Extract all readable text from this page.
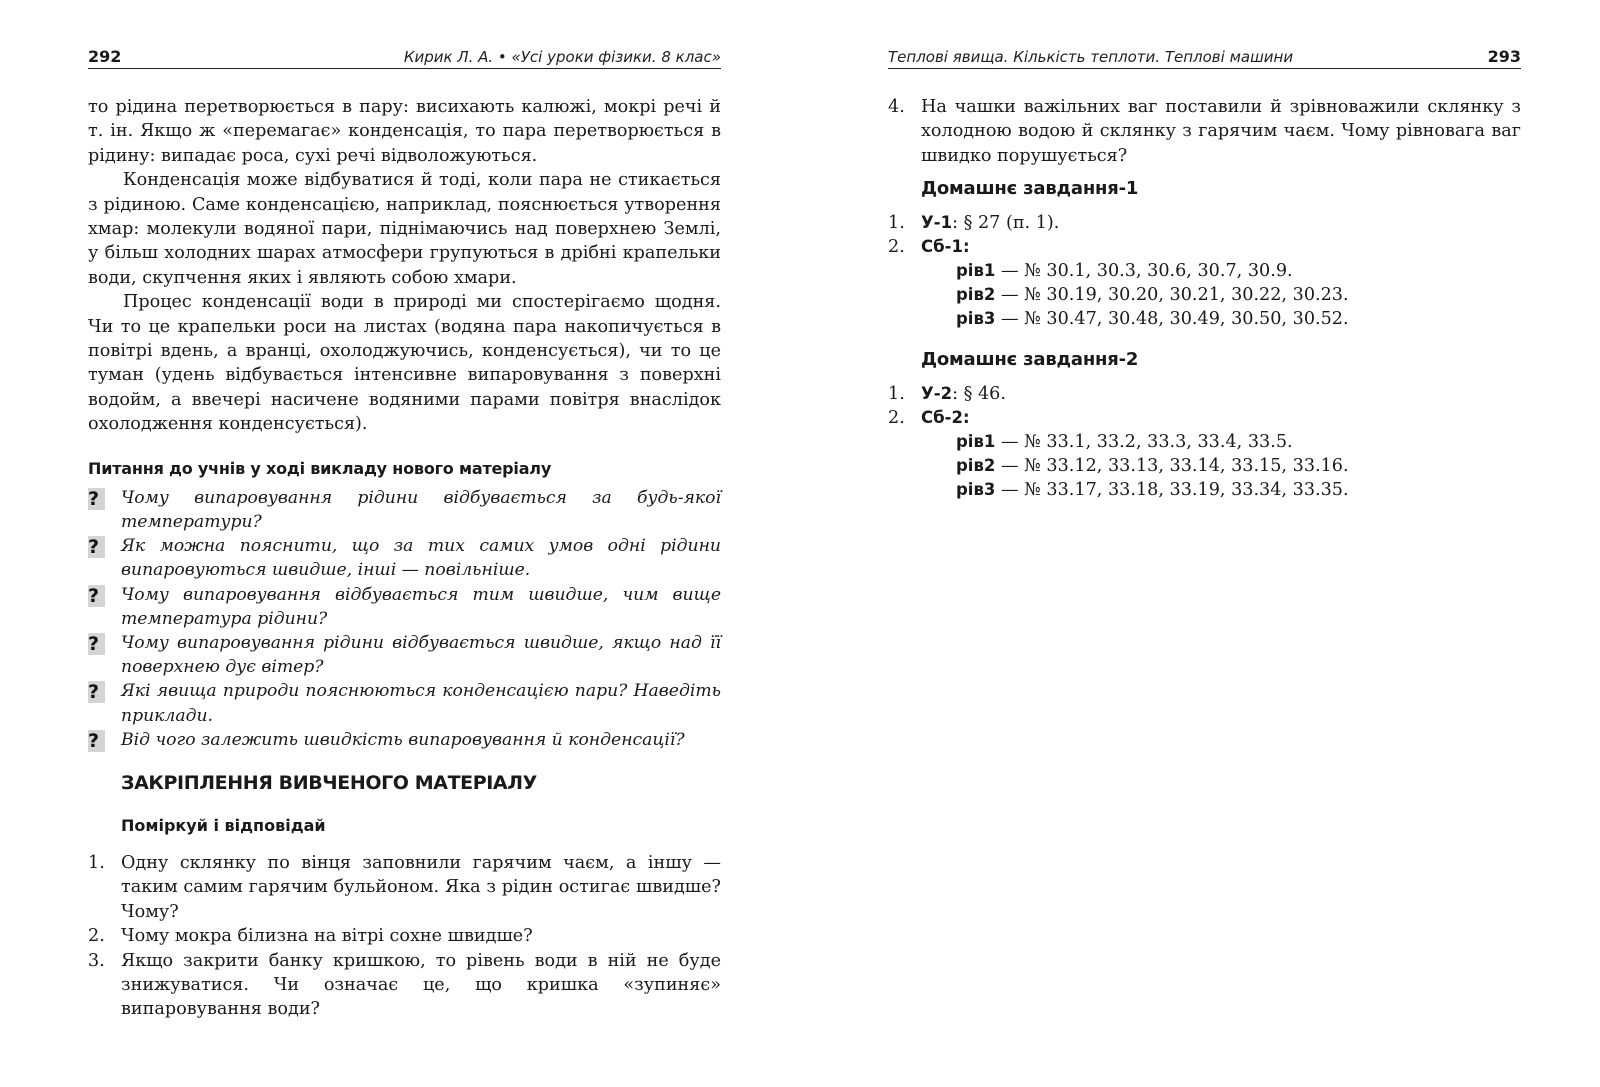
292	Кирик Л. А. • «Усі уроки фізики. 8 клас»

то рідина перетворюється в пару: висихають калюжі, мокрі речі й т. ін. Якщо ж «перемагає» конденсація, то пара перетворюється в рідину: випадає роса, сухі речі відволожуються.

Конденсація може відбуватися й тоді, коли пара не стикається з рідиною. Саме конденсацією, наприклад, пояснюється утворення хмар: молекули водяної пари, піднімаючись над поверхнею Землі, у більш холодних шарах атмосфери групуються в дрібні крапельки води, скупчення яких і являють собою хмари.

Процес конденсації води в природі ми спостерігаємо щодня. Чи то це крапельки роси на листах (водяна пара накопичується в повітрі вдень, а вранці, охолоджуючись, конденсується), чи то це туман (удень відбувається інтенсивне випаровування з поверхні водойм, а ввечері насичене водяними парами повітря внаслідок охолодження конденсується).

Питання до учнів у ході викладу нового матеріалу
?
Чому випаровування рідини відбувається за будь-якої температури?
?
Як можна пояснити, що за тих самих умов одні рідини випаровуються швидше, інші — повільніше.
?
Чому випаровування відбувається тим швидше, чим вище температура рідини?
?
Чому випаровування рідини відбувається швидше, якщо над її поверхнею дує вітер?
?
Які явища природи пояснюються конденсацією пари? Наведіть приклади.
?
Від чого залежить швидкість випаровування й конденсації?
ЗАКРІПЛЕННЯ ВИВЧЕНОГО МАТЕРІАЛУ
Поміркуй і відповідай
1. Одну склянку по вінця заповнили гарячим чаєм, а іншу — таким самим гарячим бульйоном. Яка з рідин остигає швидше? Чому?
2. Чому мокра білизна на вітрі сохне швидше?
3. Якщо закрити банку кришкою, то рівень води в ній не буде знижуватися. Чи означає це, що кришка «зупиняє» випаровування води?
Теплові явища. Кількість теплоти. Теплові машини	293
4. На чашки важільних ваг поставили й зрівноважили склянку з холодною водою й склянку з гарячим чаєм. Чому рівновага ваг швидко порушується?
Домашнє завдання-1
1. У-1: § 27 (п. 1).
2. Сб-1:
рів1 — № 30.1, 30.3, 30.6, 30.7, 30.9.
рів2 — № 30.19, 30.20, 30.21, 30.22, 30.23.
рів3 — № 30.47, 30.48, 30.49, 30.50, 30.52.
Домашнє завдання-2
1. У-2: § 46.
2. Сб-2:
рів1 — № 33.1, 33.2, 33.3, 33.4, 33.5.
рів2 — № 33.12, 33.13, 33.14, 33.15, 33.16.
рів3 — № 33.17, 33.18, 33.19, 33.34, 33.35.
